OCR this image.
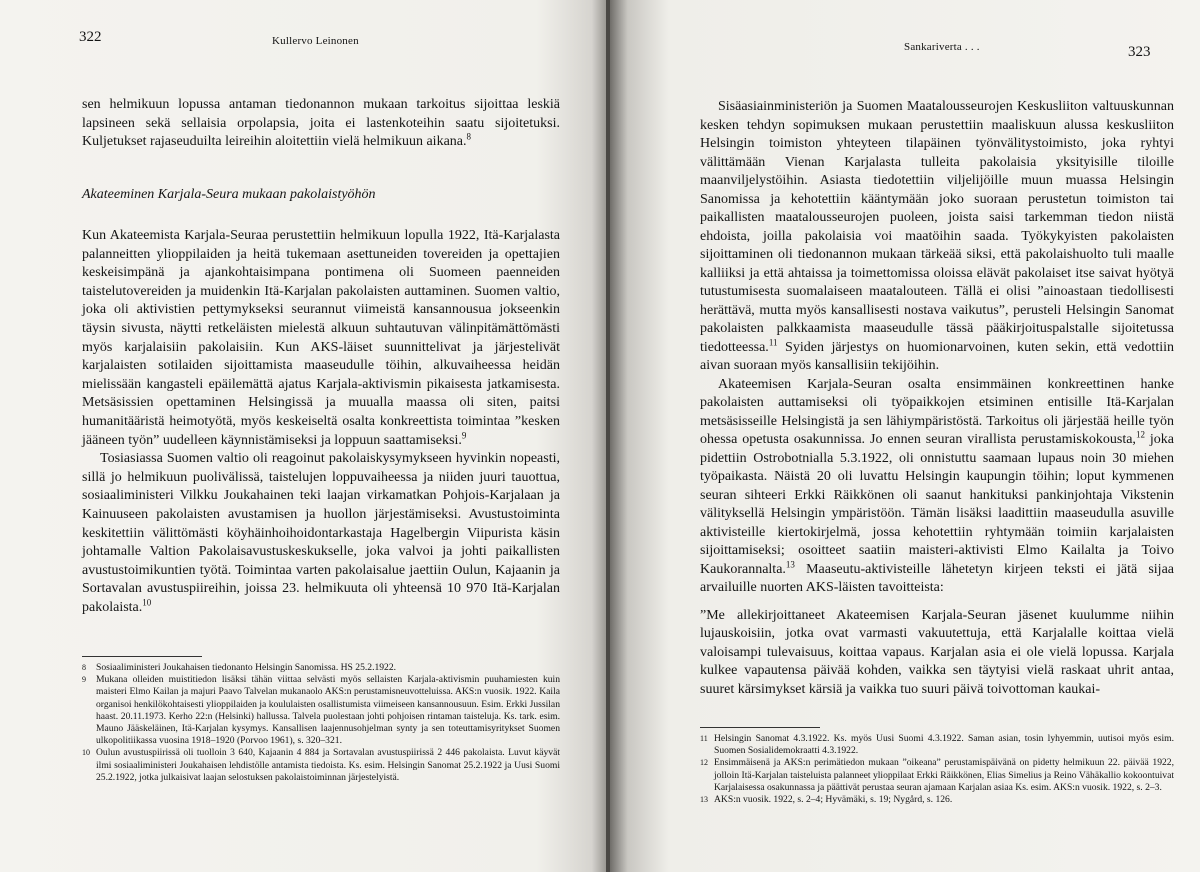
322	Kullervo Leinonen

sen helmikuun lopussa antaman tiedonannon mukaan tarkoitus sijoittaa leskiä lapsineen sekä sellaisia orpolapsia, joita ei lastenkoteihin saatu sijoitetuksi. Kuljetukset rajaseuduilta leireihin aloitettiin vielä helmikuun aikana.$^8$

Akateeminen Karjala-Seura mukaan pakolaistyöhön

Kun Akateemista Karjala-Seuraa perustettiin helmikuun lopulla 1922, Itä-Karjalasta palanneitten ylioppilaiden ja heitä tukemaan asettuneiden tovereiden ja opettajien keskeisimpänä ja ajankohtaisimpana pontimena oli Suomeen paenneiden taistelutovereiden ja muidenkin Itä-Karjalan pakolaisten auttaminen. Suomen valtio, joka oli aktivistien pettymykseksi seurannut viimeistä kansannousua jokseenkin täysin sivusta, näytti retkeläisten mielestä alkuun suhtautuvan välinpitämättömästi myös karjalaisiin pakolaisiin. Kun AKS-läiset suunnittelivat ja järjestelivät karjalaisten sotilaiden sijoittamista maaseudulle töihin, alkuvaiheessa heidän mielissään kangasteli epäilemättä ajatus Karjala-aktivismin pikaisesta jatkamisesta. Metsäsissien opettaminen Helsingissä ja muualla maassa oli siten, paitsi humanitääristä heimotyötä, myös keskeiseltä osalta konkreettista toimintaa ”kesken jääneen työn” uudelleen käynnistämiseksi ja loppuun saattamiseksi.$^9$

Tosiasiassa Suomen valtio oli reagoinut pakolaiskysymykseen hyvinkin nopeasti, sillä jo helmikuun puolivälissä, taistelujen loppuvaiheessa ja niiden juuri tauottua, sosiaaliministeri Vilkku Joukahainen teki laajan virkamatkan Pohjois-Karjalaan ja Kainuuseen pakolaisten avustamisen ja huollon järjestämiseksi. Avustustoiminta keskitettiin välittömästi köyhäinhoihoidontarkastaja Hagelbergin Viipurista käsin johtamalle Valtion Pakolaisavustuskeskukselle, joka valvoi ja johti paikallisten avustustoimikuntien työtä. Toimintaa varten pakolaisalue jaettiin Oulun, Kajaanin ja Sortavalan avustuspiireihin, joissa 23. helmikuuta oli yhteensä 10 970 Itä-Karjalan pakolaista.$^{10}$

8 Sosiaaliministeri Joukahaisen tiedonanto Helsingin Sanomissa. HS 25.2.1922.
9 Mukana olleiden muistitiedon lisäksi tähän viittaa selvästi myös sellaisten Karjala-aktivismin puuhamiesten kuin maisteri Elmo Kailan ja majuri Paavo Talvelan mukanaolo AKS:n perustamisneuvotteluissa. AKS:n vuosik. 1922. Kaila organisoi henkilökohtaisesti ylioppilaiden ja koululaisten osallistumista viimeiseen kansannousuun. Esim. Erkki Jussilan haast. 20.11.1973. Kerho 22:n (Helsinki) hallussa. Talvela puolestaan johti pohjoisen rintaman taisteluja. Ks. tark. esim. Mauno Jääskeläinen, Itä-Karjalan kysymys. Kansallisen laajennusohjelman synty ja sen toteuttamisyritykset Suomen ulkopolitiikassa vuosina 1918–1920 (Porvoo 1961), s. 320–321.
10 Oulun avustuspiirissä oli tuolloin 3 640, Kajaanin 4 884 ja Sortavalan avustuspiirissä 2 446 pakolaista. Luvut käyvät ilmi sosiaaliministeri Joukahaisen lehdistölle antamista tiedoista. Ks. esim. Helsingin Sanomat 25.2.1922 ja Uusi Suomi 25.2.1922, jotka julkaisivat laajan selostuksen pakolaistoiminnan järjestelyistä.
Sankariverta . . .	323

Sisäasiainministeriön ja Suomen Maatalousseurojen Keskusliiton valtuuskunnan kesken tehdyn sopimuksen mukaan perustettiin maaliskuun alussa keskusliiton Helsingin toimiston yhteyteen tilapäinen työnvälitystoimisto, joka ryhtyi välittämään Vienan Karjalasta tulleita pakolaisia yksityisille tiloille maanviljelystöihin. Asiasta tiedotettiin viljelijöille muun muassa Helsingin Sanomissa ja kehotettiin kääntymään joko suoraan perustetun toimiston tai paikallisten maatalousseurojen puoleen, joista saisi tarkemman tiedon niistä ehdoista, joilla pakolaisia voi maatöihin saada. Työkykyisten pakolaisten sijoittaminen oli tiedonannon mukaan tärkeää siksi, että pakolaishuolto tuli maalle kalliiksi ja että ahtaissa ja toimettomissa oloissa elävät pakolaiset itse saivat hyötyä tutustumisesta suomalaiseen maatalouteen. Tällä ei olisi ”ainoastaan tiedollisesti herättävä, mutta myös kansallisesti nostava vaikutus”, perusteli Helsingin Sanomat pakolaisten palkkaamista maaseudulle tässä pääkirjoituspalstalle sijoitetussa tiedotteessa.$^{11}$ Syiden järjestys on huomionarvoinen, kuten sekin, että vedottiin aivan suoraan myös kansallisiin tekijöihin.

Akateemisen Karjala-Seuran osalta ensimmäinen konkreettinen hanke pakolaisten auttamiseksi oli työpaikkojen etsiminen entisille Itä-Karjalan metsäsisseille Helsingistä ja sen lähiympäristöstä. Tarkoitus oli järjestää heille työn ohessa opetusta osakunnissa. Jo ennen seuran virallista perustamiskokousta,$^{12}$ joka pidettiin Ostrobotnialla 5.3.1922, oli onnistuttu saamaan lupaus noin 30 miehen työpaikasta. Näistä 20 oli luvattu Helsingin kaupungin töihin; loput kymmenen seuran sihteeri Erkki Räikkönen oli saanut hankituksi pankinjohtaja Vikstenin välityksellä Helsingin ympäristöön. Tämän lisäksi laadittiin maaseudulla asuville aktivisteille kiertokirjelmä, jossa kehotettiin ryhtymään toimiin karjalaisten sijoittamiseksi; osoitteet saatiin maisteri-aktivisti Elmo Kailalta ja Toivo Kaukorannalta.$^{13}$ Maaseutu-aktivisteille lähetetyn kirjeen teksti ei jätä sijaa arvailuille nuorten AKS-läisten tavoitteista:

”Me allekirjoittaneet Akateemisen Karjala-Seuran jäsenet kuulumme niihin lujauskoisiin, jotka ovat varmasti vakuutettuja, että Karjalalle koittaa vielä valoisampi tulevaisuus, koittaa vapaus. Karjalan asia ei ole vielä lopussa. Karjala kulkee vapautensa päivää kohden, vaikka sen täytyisi vielä raskaat uhrit antaa, suuret kärsimykset kärsiä ja vaikka tuo suuri päivä toivottoman kaukai-

11 Helsingin Sanomat 4.3.1922. Ks. myös Uusi Suomi 4.3.1922. Saman asian, tosin lyhyemmin, uutisoi myös esim. Suomen Sosialidemokraatti 4.3.1922.
12 Ensimmäisenä ja AKS:n perimätiedon mukaan ”oikeana” perustamispäivänä on pidetty helmikuun 22. päivää 1922, jolloin Itä-Karjalan taisteluista palanneet ylioppilaat Erkki Räikkönen, Elias Simelius ja Reino Vähäkallio kokoontuivat Karjalaisessa osakunnassa ja päättivät perustaa seuran ajamaan Karjalan asiaa Ks. esim. AKS:n vuosik. 1922, s. 2–3.
13 AKS:n vuosik. 1922, s. 2–4; Hyvämäki, s. 19; Nygård, s. 126.
